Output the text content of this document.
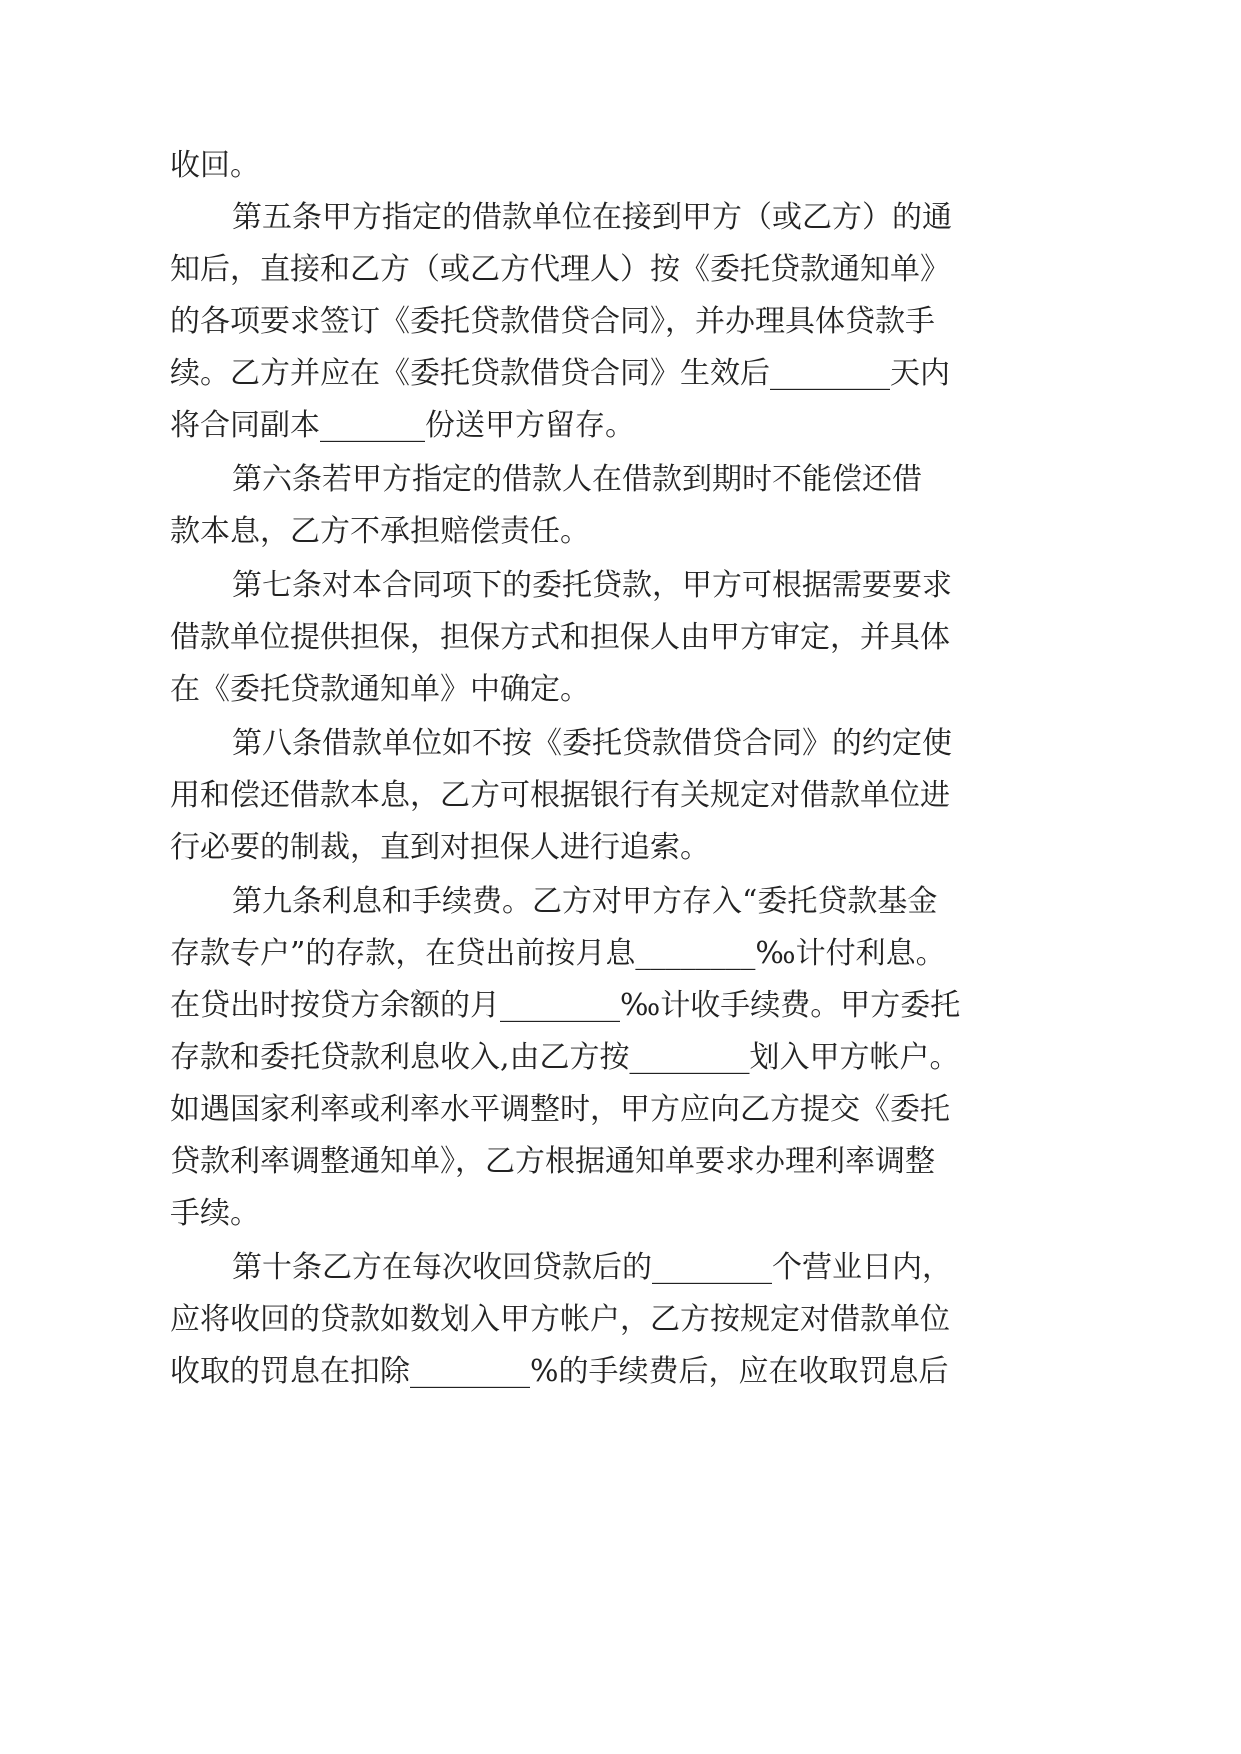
收回。
第五条甲方指定的借款单位在接到甲方（或乙方）的通
知后，直接和乙方（或乙方代理人）按《委托贷款通知单》
的各项要求签订《委托贷款借贷合同》，并办理具体贷款手
续。乙方并应在《委托贷款借贷合同》生效后________天内
将合同副本_______份送甲方留存。
第六条若甲方指定的借款人在借款到期时不能偿还借
款本息，乙方不承担赔偿责任。
第七条对本合同项下的委托贷款，甲方可根据需要要求
借款单位提供担保，担保方式和担保人由甲方审定，并具体
在《委托贷款通知单》中确定。
第八条借款单位如不按《委托贷款借贷合同》的约定使
用和偿还借款本息，乙方可根据银行有关规定对借款单位进
行必要的制裁，直到对担保人进行追索。
第九条利息和手续费。乙方对甲方存入“委托贷款基金
存款专户”的存款，在贷出前按月息________‰计付利息。
在贷出时按贷方余额的月________‰计收手续费。甲方委托
存款和委托贷款利息收入,由乙方按________划入甲方帐户。
如遇国家利率或利率水平调整时，甲方应向乙方提交《委托
贷款利率调整通知单》，乙方根据通知单要求办理利率调整
手续。
第十条乙方在每次收回贷款后的________个营业日内，
应将收回的贷款如数划入甲方帐户，乙方按规定对借款单位
收取的罚息在扣除________%的手续费后，应在收取罚息后
